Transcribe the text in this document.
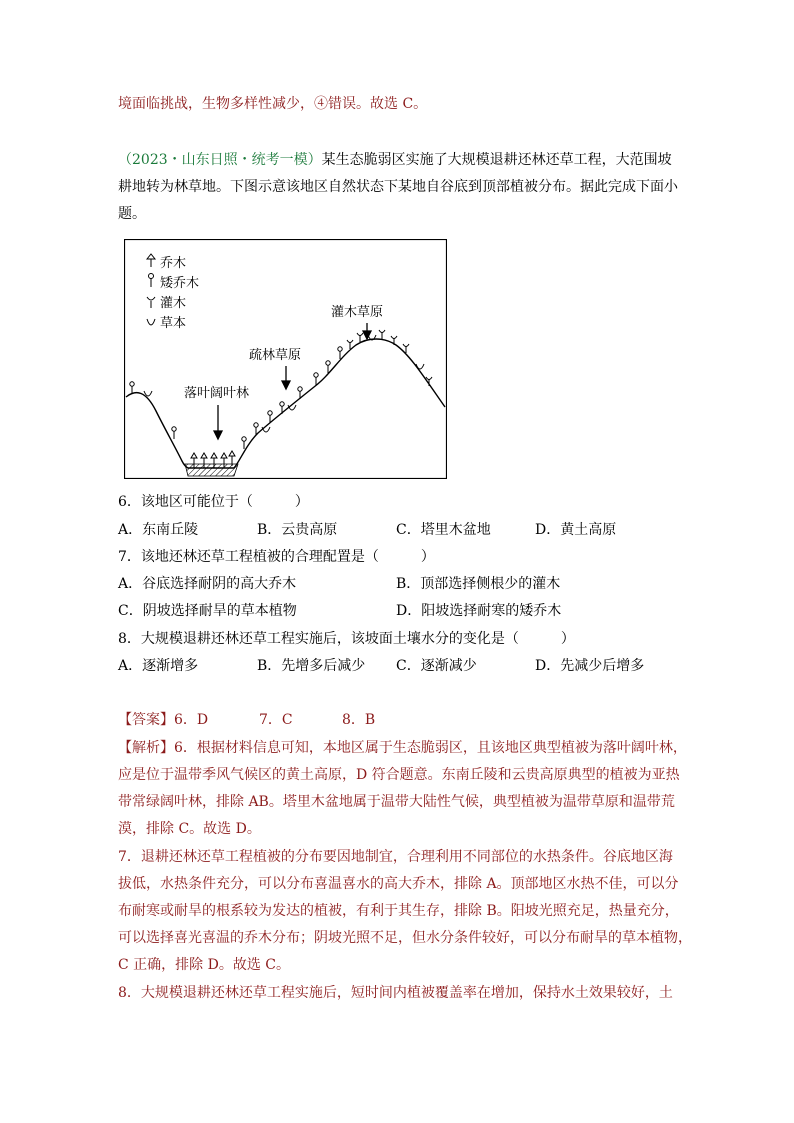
境面临挑战，生物多样性减少，④错误。故选 C。
（2023・山东日照・统考一模）某生态脆弱区实施了大规模退耕还林还草工程，大范围坡
耕地转为林草地。下图示意该地区自然状态下某地自谷底到顶部植被分布。据此完成下面小
题。
乔木
矮乔木
灌木
草本
落叶阔叶林
疏林草原
灌木草原
6．该地区可能位于（　　　）
A．东南丘陵	B．云贵高原	C．塔里木盆地	D．黄土高原
7．该地还林还草工程植被的合理配置是（　　　）
A．谷底选择耐阴的高大乔木	B．顶部选择侧根少的灌木
C．阴坡选择耐旱的草本植物	D．阳坡选择耐寒的矮乔木
8．大规模退耕还林还草工程实施后，该坡面土壤水分的变化是（　　　）
A．逐渐增多	B．先增多后减少 C．逐渐减少	D．先减少后增多
【答案】6．D	7．C	8．B
【解析】6．根据材料信息可知，本地区属于生态脆弱区，且该地区典型植被为落叶阔叶林，
应是位于温带季风气候区的黄土高原，D 符合题意。东南丘陵和云贵高原典型的植被为亚热
带常绿阔叶林，排除 AB。塔里木盆地属于温带大陆性气候，典型植被为温带草原和温带荒
漠，排除 C。故选 D。
7．退耕还林还草工程植被的分布要因地制宜，合理利用不同部位的水热条件。谷底地区海
拔低，水热条件充分，可以分布喜温喜水的高大乔木，排除 A。顶部地区水热不佳，可以分
布耐寒或耐旱的根系较为发达的植被，有利于其生存，排除 B。阳坡光照充足，热量充分，
可以选择喜光喜温的乔木分布；阴坡光照不足，但水分条件较好，可以分布耐旱的草本植物，
C 正确，排除 D。故选 C。
8．大规模退耕还林还草工程实施后，短时间内植被覆盖率在增加，保持水土效果较好，土
